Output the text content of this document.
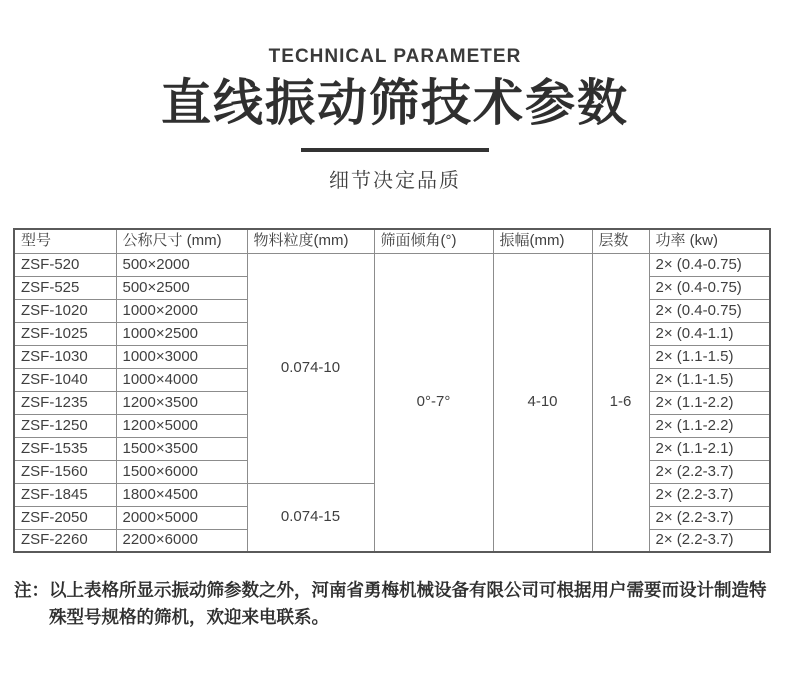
TECHNICAL PARAMETER
直线振动筛技术参数
细节决定品质
型号	公称尺寸 (mm)	物料粒度(mm)	筛面倾角(°)	振幅(mm)	层数	功率 (kw)
ZSF-520	500×2000	0.074-10	0°-7°	4-10	1-6	2× (0.4-0.75)
ZSF-525	500×2500					2× (0.4-0.75)
ZSF-1020	1000×2000					2× (0.4-0.75)
ZSF-1025	1000×2500					2× (0.4-1.1)
ZSF-1030	1000×3000					2× (1.1-1.5)
ZSF-1040	1000×4000					2× (1.1-1.5)
ZSF-1235	1200×3500					2× (1.1-2.2)
ZSF-1250	1200×5000					2× (1.1-2.2)
ZSF-1535	1500×3500					2× (1.1-2.1)
ZSF-1560	1500×6000					2× (2.2-3.7)
ZSF-1845	1800×4500	0.074-15				2× (2.2-3.7)
ZSF-2050	2000×5000					2× (2.2-3.7)
ZSF-2260	2200×6000					2× (2.2-3.7)
注： 以上表格所显示振动筛参数之外，河南省勇梅机械设备有限公司可根据用户需要而设计制造特殊型号规格的筛机，欢迎来电联系。
